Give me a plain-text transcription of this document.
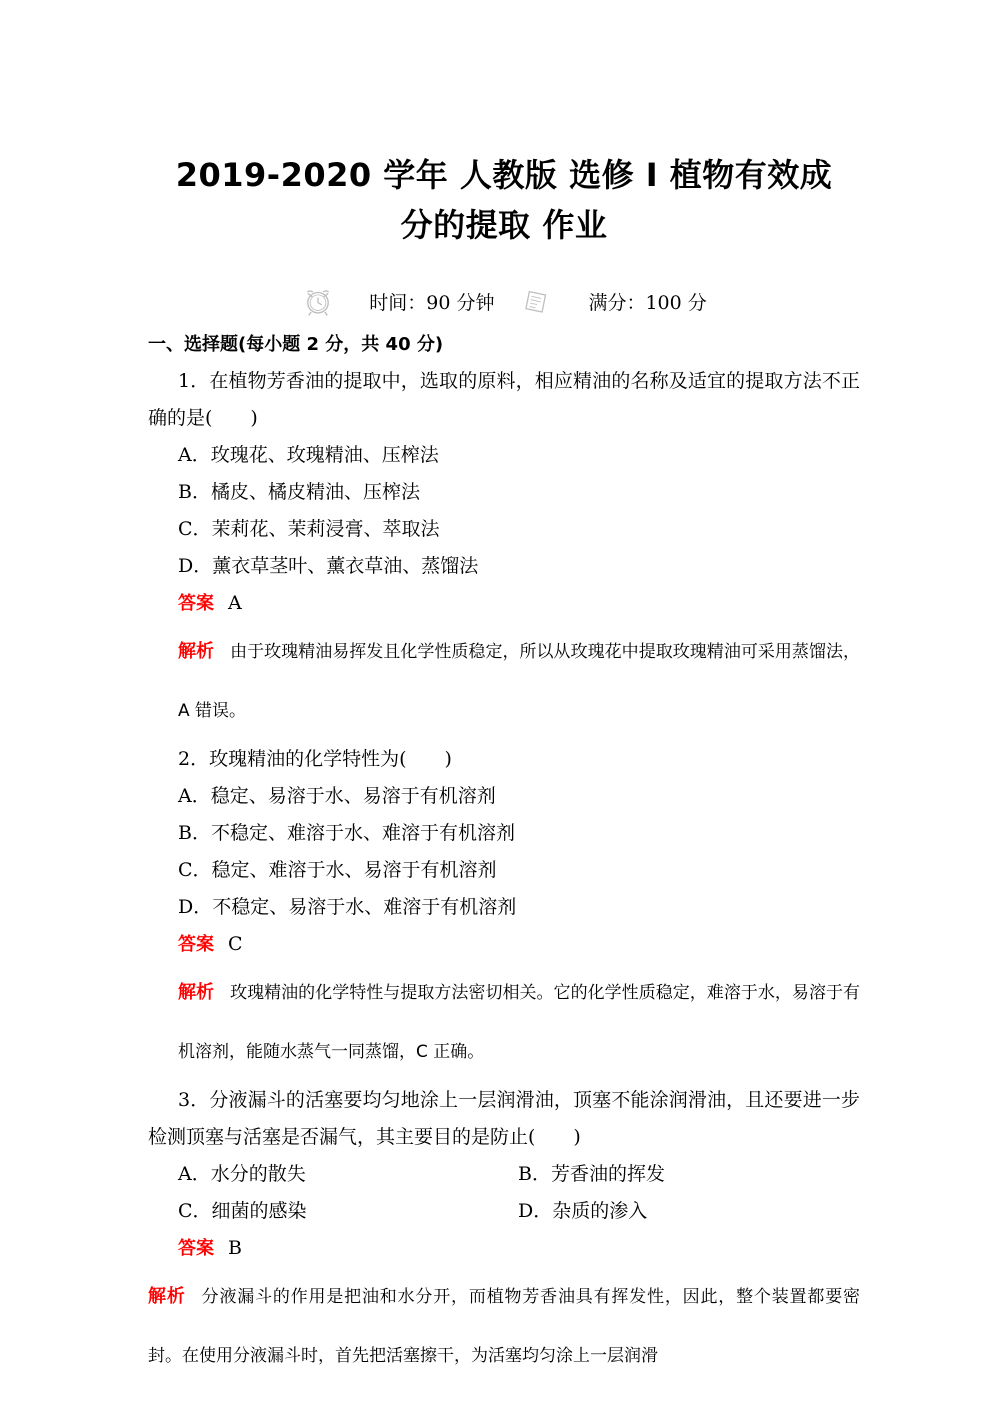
2019-2020 学年 人教版 选修 I 植物有效成
分的提取 作业
时间：90 分钟	满分：100 分
一、选择题(每小题 2 分，共 40 分)
1．在植物芳香油的提取中，选取的原料，相应精油的名称及适宜的提取方法不正确的是(　　)
A．玫瑰花、玫瑰精油、压榨法
B．橘皮、橘皮精油、压榨法
C．茉莉花、茉莉浸膏、萃取法
D．薰衣草茎叶、薰衣草油、蒸馏法
答案 A
解析 由于玫瑰精油易挥发且化学性质稳定，所以从玫瑰花中提取玫瑰精油可采用蒸馏法，A 错误。
2．玫瑰精油的化学特性为(　　)
A．稳定、易溶于水、易溶于有机溶剂
B．不稳定、难溶于水、难溶于有机溶剂
C．稳定、难溶于水、易溶于有机溶剂
D．不稳定、易溶于水、难溶于有机溶剂
答案 C
解析 玫瑰精油的化学特性与提取方法密切相关。它的化学性质稳定，难溶于水，易溶于有机溶剂，能随水蒸气一同蒸馏，C 正确。
3．分液漏斗的活塞要均匀地涂上一层润滑油，顶塞不能涂润滑油，且还要进一步检测顶塞与活塞是否漏气，其主要目的是防止(　　)
A．水分的散失	B．芳香油的挥发
C．细菌的感染	D．杂质的渗入
答案 B
解析 分液漏斗的作用是把油和水分开，而植物芳香油具有挥发性，因此，整个装置都要密封。在使用分液漏斗时，首先把活塞擦干，为活塞均匀涂上一层润滑
